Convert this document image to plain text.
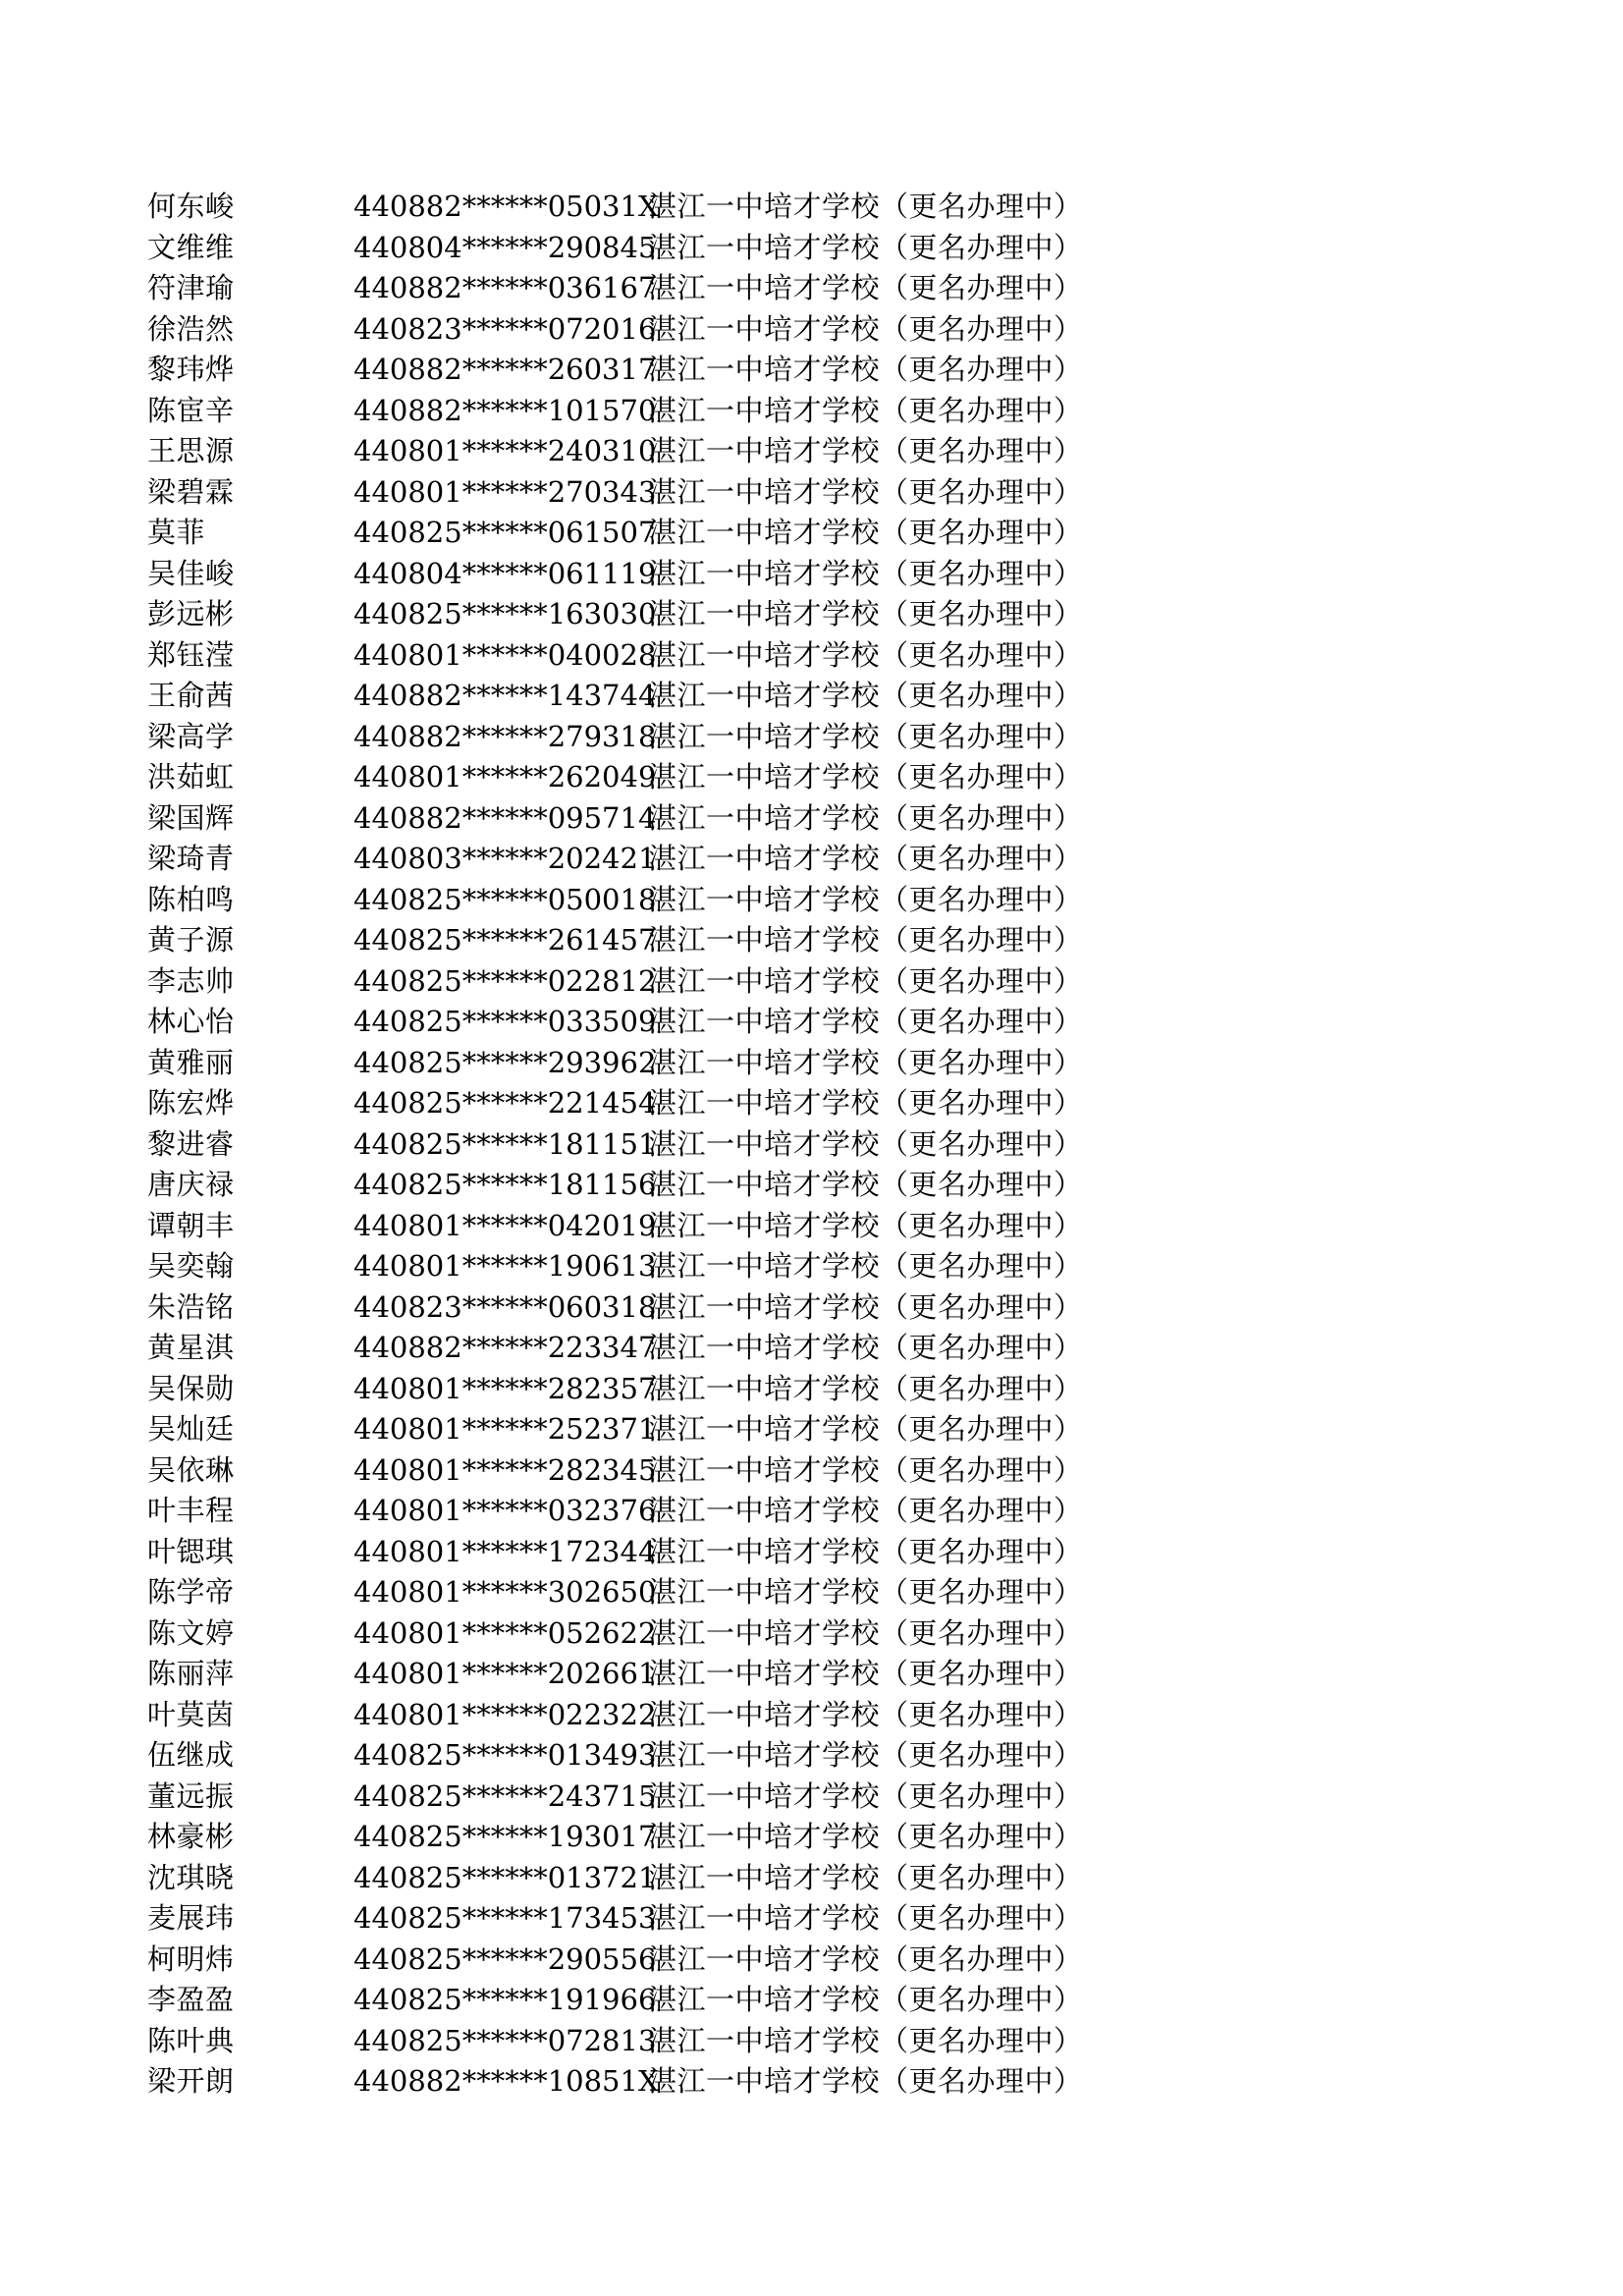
何东峻	440882******05031X	湛江一中培才学校（更名办理中）
文维维	440804******290845	湛江一中培才学校（更名办理中）
符津瑜	440882******036167	湛江一中培才学校（更名办理中）
徐浩然	440823******072016	湛江一中培才学校（更名办理中）
黎玮烨	440882******260317	湛江一中培才学校（更名办理中）
陈宦辛	440882******101570	湛江一中培才学校（更名办理中）
王思源	440801******240310	湛江一中培才学校（更名办理中）
梁碧霖	440801******270343	湛江一中培才学校（更名办理中）
莫菲	440825******061507	湛江一中培才学校（更名办理中）
吴佳峻	440804******061119	湛江一中培才学校（更名办理中）
彭远彬	440825******163030	湛江一中培才学校（更名办理中）
郑钰滢	440801******040028	湛江一中培才学校（更名办理中）
王俞茜	440882******143744	湛江一中培才学校（更名办理中）
梁高学	440882******279318	湛江一中培才学校（更名办理中）
洪茹虹	440801******262049	湛江一中培才学校（更名办理中）
梁国辉	440882******095714	湛江一中培才学校（更名办理中）
梁琦青	440803******202421	湛江一中培才学校（更名办理中）
陈柏鸣	440825******050018	湛江一中培才学校（更名办理中）
黄子源	440825******261457	湛江一中培才学校（更名办理中）
李志帅	440825******022812	湛江一中培才学校（更名办理中）
林心怡	440825******033509	湛江一中培才学校（更名办理中）
黄雅丽	440825******293962	湛江一中培才学校（更名办理中）
陈宏烨	440825******221454	湛江一中培才学校（更名办理中）
黎进睿	440825******181151	湛江一中培才学校（更名办理中）
唐庆禄	440825******181156	湛江一中培才学校（更名办理中）
谭朝丰	440801******042019	湛江一中培才学校（更名办理中）
吴奕翰	440801******190613	湛江一中培才学校（更名办理中）
朱浩铭	440823******060318	湛江一中培才学校（更名办理中）
黄星淇	440882******223347	湛江一中培才学校（更名办理中）
吴保勋	440801******282357	湛江一中培才学校（更名办理中）
吴灿廷	440801******252371	湛江一中培才学校（更名办理中）
吴依琳	440801******282345	湛江一中培才学校（更名办理中）
叶丰程	440801******032376	湛江一中培才学校（更名办理中）
叶锶琪	440801******172344	湛江一中培才学校（更名办理中）
陈学帝	440801******302650	湛江一中培才学校（更名办理中）
陈文婷	440801******052622	湛江一中培才学校（更名办理中）
陈丽萍	440801******202661	湛江一中培才学校（更名办理中）
叶莫茵	440801******022322	湛江一中培才学校（更名办理中）
伍继成	440825******013493	湛江一中培才学校（更名办理中）
董远振	440825******243715	湛江一中培才学校（更名办理中）
林豪彬	440825******193017	湛江一中培才学校（更名办理中）
沈琪晓	440825******013721	湛江一中培才学校（更名办理中）
麦展玮	440825******173453	湛江一中培才学校（更名办理中）
柯明炜	440825******290556	湛江一中培才学校（更名办理中）
李盈盈	440825******191966	湛江一中培才学校（更名办理中）
陈叶典	440825******072813	湛江一中培才学校（更名办理中）
梁开朗	440882******10851X	湛江一中培才学校（更名办理中）
